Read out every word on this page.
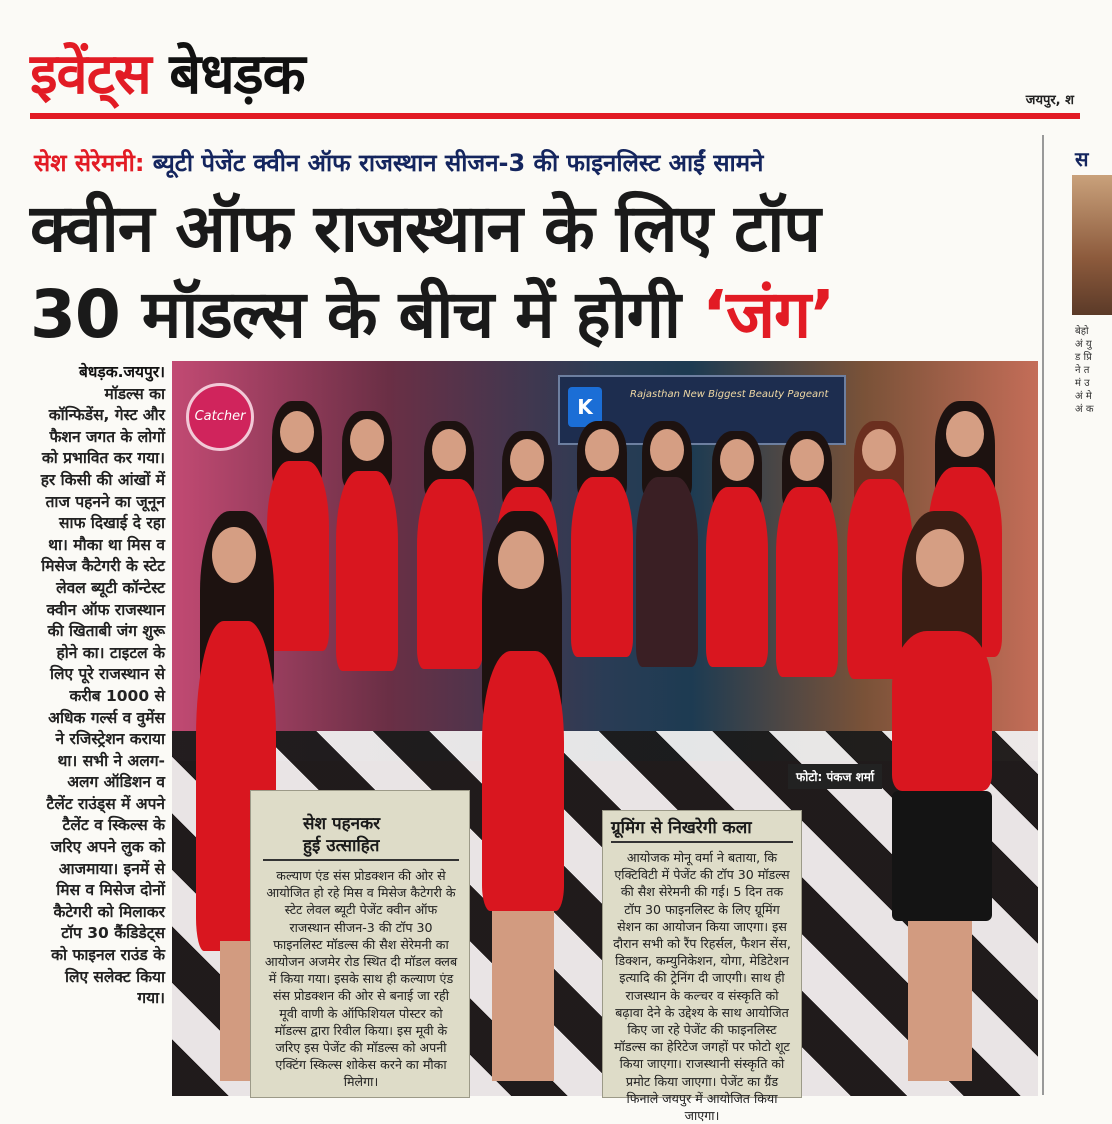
इवेंट्स बेधड़क	जयपुर, श
सेश सेरेमनी: ब्यूटी पेजेंट क्वीन ऑफ राजस्थान सीजन-3 की फाइनलिस्ट आईं सामने
क्वीन ऑफ राजस्थान के लिए टॉप
30 मॉडल्स के बीच में होगी ‘जंग’
स
बेहो अं यु ड प्रि ने त मं उ अं मे अं क
बेधड़क.जयपुर। मॉडल्स का कॉन्फिडेंस, गेस्ट और फैशन जगत के लोगों को प्रभावित कर गया। हर किसी की आंखों में ताज पहनने का जूनून साफ दिखाई दे रहा था। मौका था मिस व मिसेज कैटेगरी के स्टेट लेवल ब्यूटी कॉन्टेस्ट क्वीन ऑफ राजस्थान की खिताबी जंग शुरू होने का। टाइटल के लिए पूरे राजस्थान से करीब 1000 से अधिक गर्ल्स व वुमेंस ने रजिस्ट्रेशन कराया था। सभी ने अलग-अलग ऑडिशन व टैलेंट राउंड्स में अपने टैलेंट व स्किल्स के जरिए अपने लुक को आजमाया। इनमें से मिस व मिसेज दोनों कैटेगरी को मिलाकर टॉप 30 कैंडिडेट्स को फाइनल राउंड के लिए सलेक्ट किया गया।
Catcher	K
Rajasthan New Biggest Beauty Pageant
फोटो: पंकज शर्मा
सेश पहनकर
हुई उत्साहित
कल्याण एंड संस प्रोडक्शन की ओर से आयोजित हो रहे मिस व मिसेज कैटेगरी के स्टेट लेवल ब्यूटी पेजेंट क्वीन ऑफ राजस्थान सीजन-3 की टॉप 30 फाइनलिस्ट मॉडल्स की सैश सेरेमनी का आयोजन अजमेर रोड स्थित दी मॉडल क्लब में किया गया। इसके साथ ही कल्याण एंड संस प्रोडक्शन की ओर से बनाई जा रही मूवी वाणी के ऑफिशियल पोस्टर को मॉडल्स द्वारा रिवील किया। इस मूवी के जरिए इस पेजेंट की मॉडल्स को अपनी एक्टिंग स्किल्स शोकेस करने का मौका मिलेगा।
ग्रूमिंग से निखरेगी कला
आयोजक मोनू वर्मा ने बताया, कि एक्टिविटी में पेजेंट की टॉप 30 मॉडल्स की सैश सेरेमनी की गई। 5 दिन तक टॉप 30 फाइनलिस्ट के लिए ग्रूमिंग सेशन का आयोजन किया जाएगा। इस दौरान सभी को रैंप रिहर्सल, फैशन सेंस, डिक्शन, कम्युनिकेशन, योगा, मेडिटेशन इत्यादि की ट्रेनिंग दी जाएगी। साथ ही राजस्थान के कल्चर व संस्कृति को बढ़ावा देने के उद्देश्य के साथ आयोजित किए जा रहे पेजेंट की फाइनलिस्ट मॉडल्स का हेरिटेज जगहों पर फोटो शूट किया जाएगा। राजस्थानी संस्कृति को प्रमोट किया जाएगा। पेजेंट का ग्रैंड फिनाले जयपुर में आयोजित किया जाएगा।
